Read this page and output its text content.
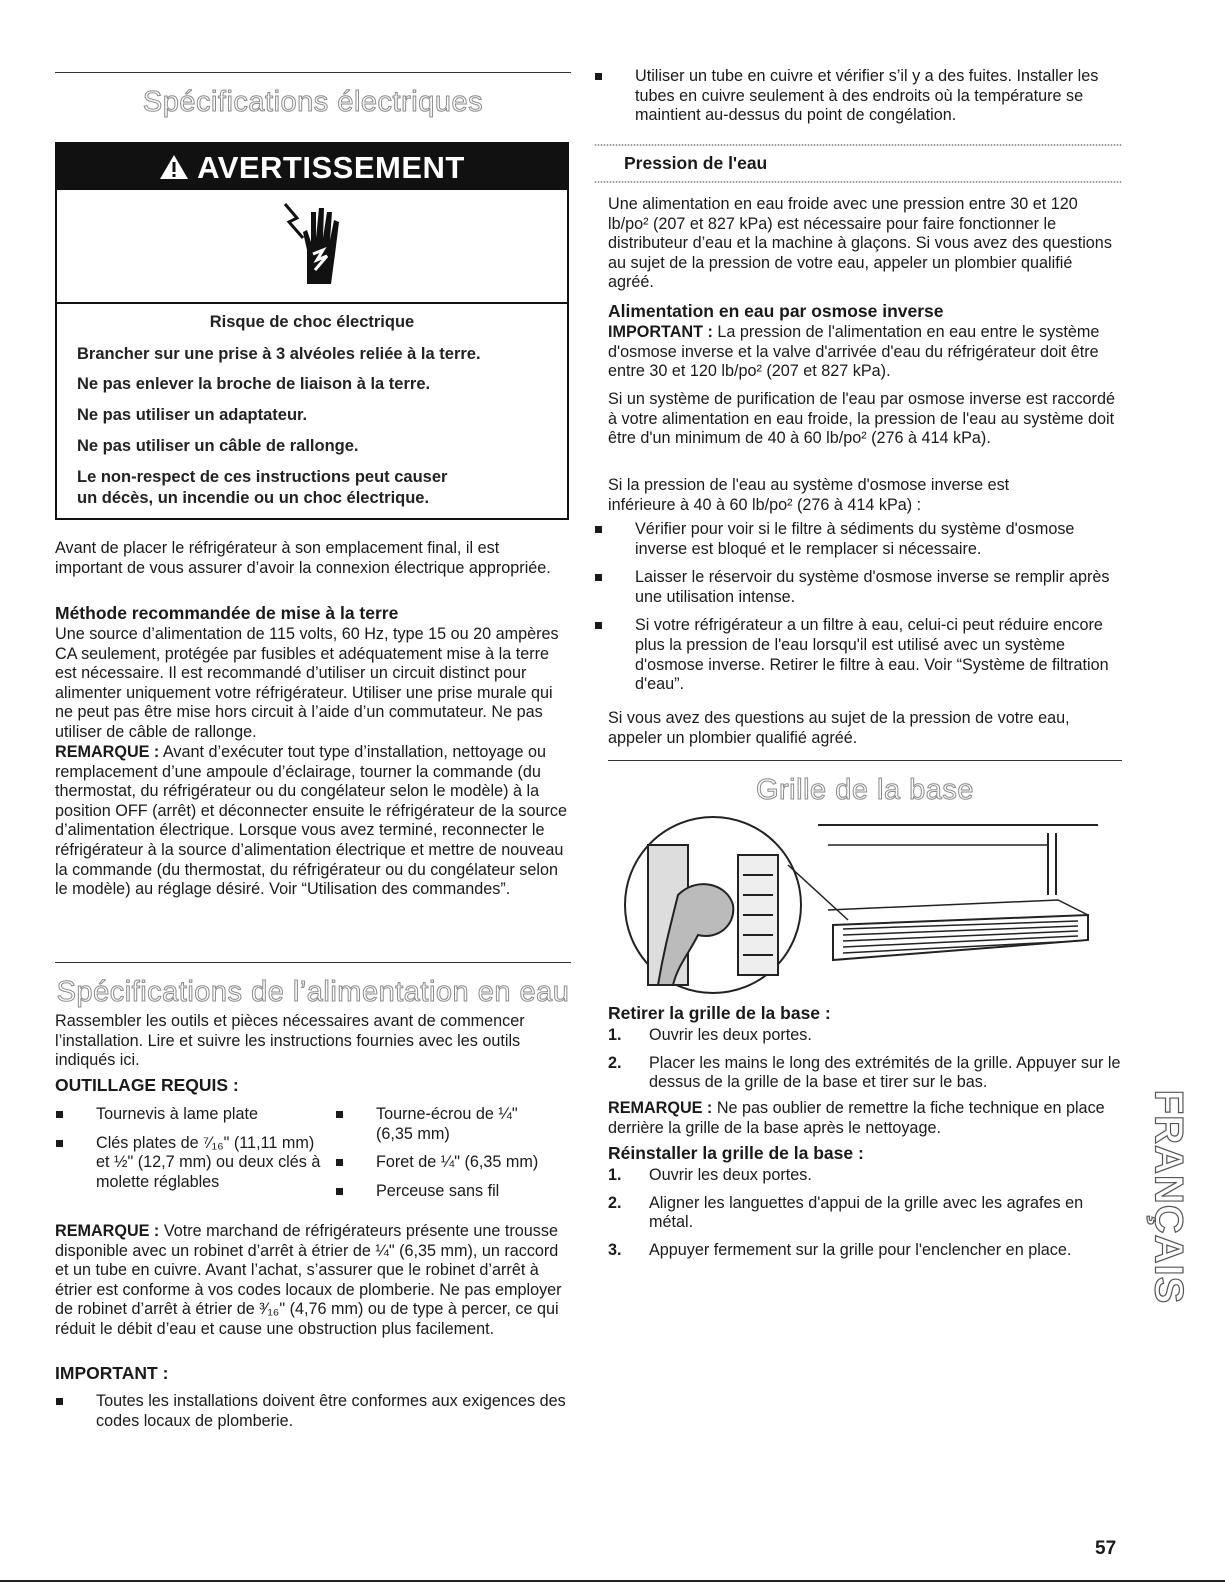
Spécifications électriques
AVERTISSEMENT

Risque de choc électrique

Brancher sur une prise à 3 alvéoles reliée à la terre.

Ne pas enlever la broche de liaison à la terre.

Ne pas utiliser un adaptateur.

Ne pas utiliser un câble de rallonge.

Le non-respect de ces instructions peut causer

un décès, un incendie ou un choc électrique.

Avant de placer le réfrigérateur à son emplacement final, il est important de vous assurer d’avoir la connexion électrique appropriée.

Méthode recommandée de mise à la terre

Une source d’alimentation de 115 volts, 60 Hz, type 15 ou 20 ampères CA seulement, protégée par fusibles et adéquatement mise à la terre est nécessaire. Il est recommandé d’utiliser un circuit distinct pour alimenter uniquement votre réfrigérateur. Utiliser une prise murale qui ne peut pas être mise hors circuit à l’aide d’un commutateur. Ne pas utiliser de câble de rallonge.

REMARQUE : Avant d’exécuter tout type d’installation, nettoyage ou remplacement d’une ampoule d’éclairage, tourner la commande (du thermostat, du réfrigérateur ou du congélateur selon le modèle) à la position OFF (arrêt) et déconnecter ensuite le réfrigérateur de la source d’alimentation électrique. Lorsque vous avez terminé, reconnecter le réfrigérateur à la source d’alimentation électrique et mettre de nouveau la commande (du thermostat, du réfrigérateur ou du congélateur selon le modèle) au réglage désiré. Voir “Utilisation des commandes”.

Spécifications de l’alimentation en eau

Rassembler les outils et pièces nécessaires avant de commencer l’installation. Lire et suivre les instructions fournies avec les outils indiqués ici.

OUTILLAGE REQUIS :
Tournevis à lame plate
Clés plates de ⁷⁄₁₆" (11,11 mm) et ½" (12,7 mm) ou deux clés à molette réglables
Tourne-écrou de ¼" (6,35 mm)
Foret de ¼" (6,35 mm)
Perceuse sans fil

REMARQUE : Votre marchand de réfrigérateurs présente une trousse disponible avec un robinet d’arrêt à étrier de ¼" (6,35 mm), un raccord et un tube en cuivre. Avant l’achat, s’assurer que le robinet d’arrêt à étrier est conforme à vos codes locaux de plomberie. Ne pas employer de robinet d’arrêt à étrier de ³⁄₁₆" (4,76 mm) ou de type à percer, ce qui réduit le débit d’eau et cause une obstruction plus facilement.

IMPORTANT :
Toutes les installations doivent être conformes aux exigences des codes locaux de plomberie.
Utiliser un tube en cuivre et vérifier s’il y a des fuites. Installer les tubes en cuivre seulement à des endroits où la température se maintient au-dessus du point de congélation.
Pression de l'eau

Une alimentation en eau froide avec une pression entre 30 et 120 lb/po² (207 et 827 kPa) est nécessaire pour faire fonctionner le distributeur d’eau et la machine à glaçons. Si vous avez des questions au sujet de la pression de votre eau, appeler un plombier qualifié agréé.

Alimentation en eau par osmose inverse

IMPORTANT : La pression de l'alimentation en eau entre le système d'osmose inverse et la valve d'arrivée d'eau du réfrigérateur doit être entre 30 et 120 lb/po² (207 et 827 kPa).

Si un système de purification de l'eau par osmose inverse est raccordé à votre alimentation en eau froide, la pression de l'eau au système doit être d'un minimum de 40 à 60 lb/po² (276 à 414 kPa).

Si la pression de l'eau au système d'osmose inverse est inférieure à 40 à 60 lb/po² (276 à 414 kPa) :

Vérifier pour voir si le filtre à sédiments du système d'osmose inverse est bloqué et le remplacer si nécessaire.
Laisser le réservoir du système d'osmose inverse se remplir après une utilisation intense.
Si votre réfrigérateur a un filtre à eau, celui-ci peut réduire encore plus la pression de l'eau lorsqu'il est utilisé avec un système d'osmose inverse. Retirer le filtre à eau. Voir “Système de filtration d'eau”.

Si vous avez des questions au sujet de la pression de votre eau, appeler un plombier qualifié agréé.

Grille de la base
Retirer la grille de la base :
1. Ouvrir les deux portes.
2. Placer les mains le long des extrémités de la grille. Appuyer sur le dessus de la grille de la base et tirer sur le bas.

REMARQUE : Ne pas oublier de remettre la fiche technique en place derrière la grille de la base après le nettoyage.

Réinstaller la grille de la base :
1. Ouvrir les deux portes.
2. Aligner les languettes d'appui de la grille avec les agrafes en métal.
3. Appuyer fermement sur la grille pour l'enclencher en place.	FRANÇAIS
57
